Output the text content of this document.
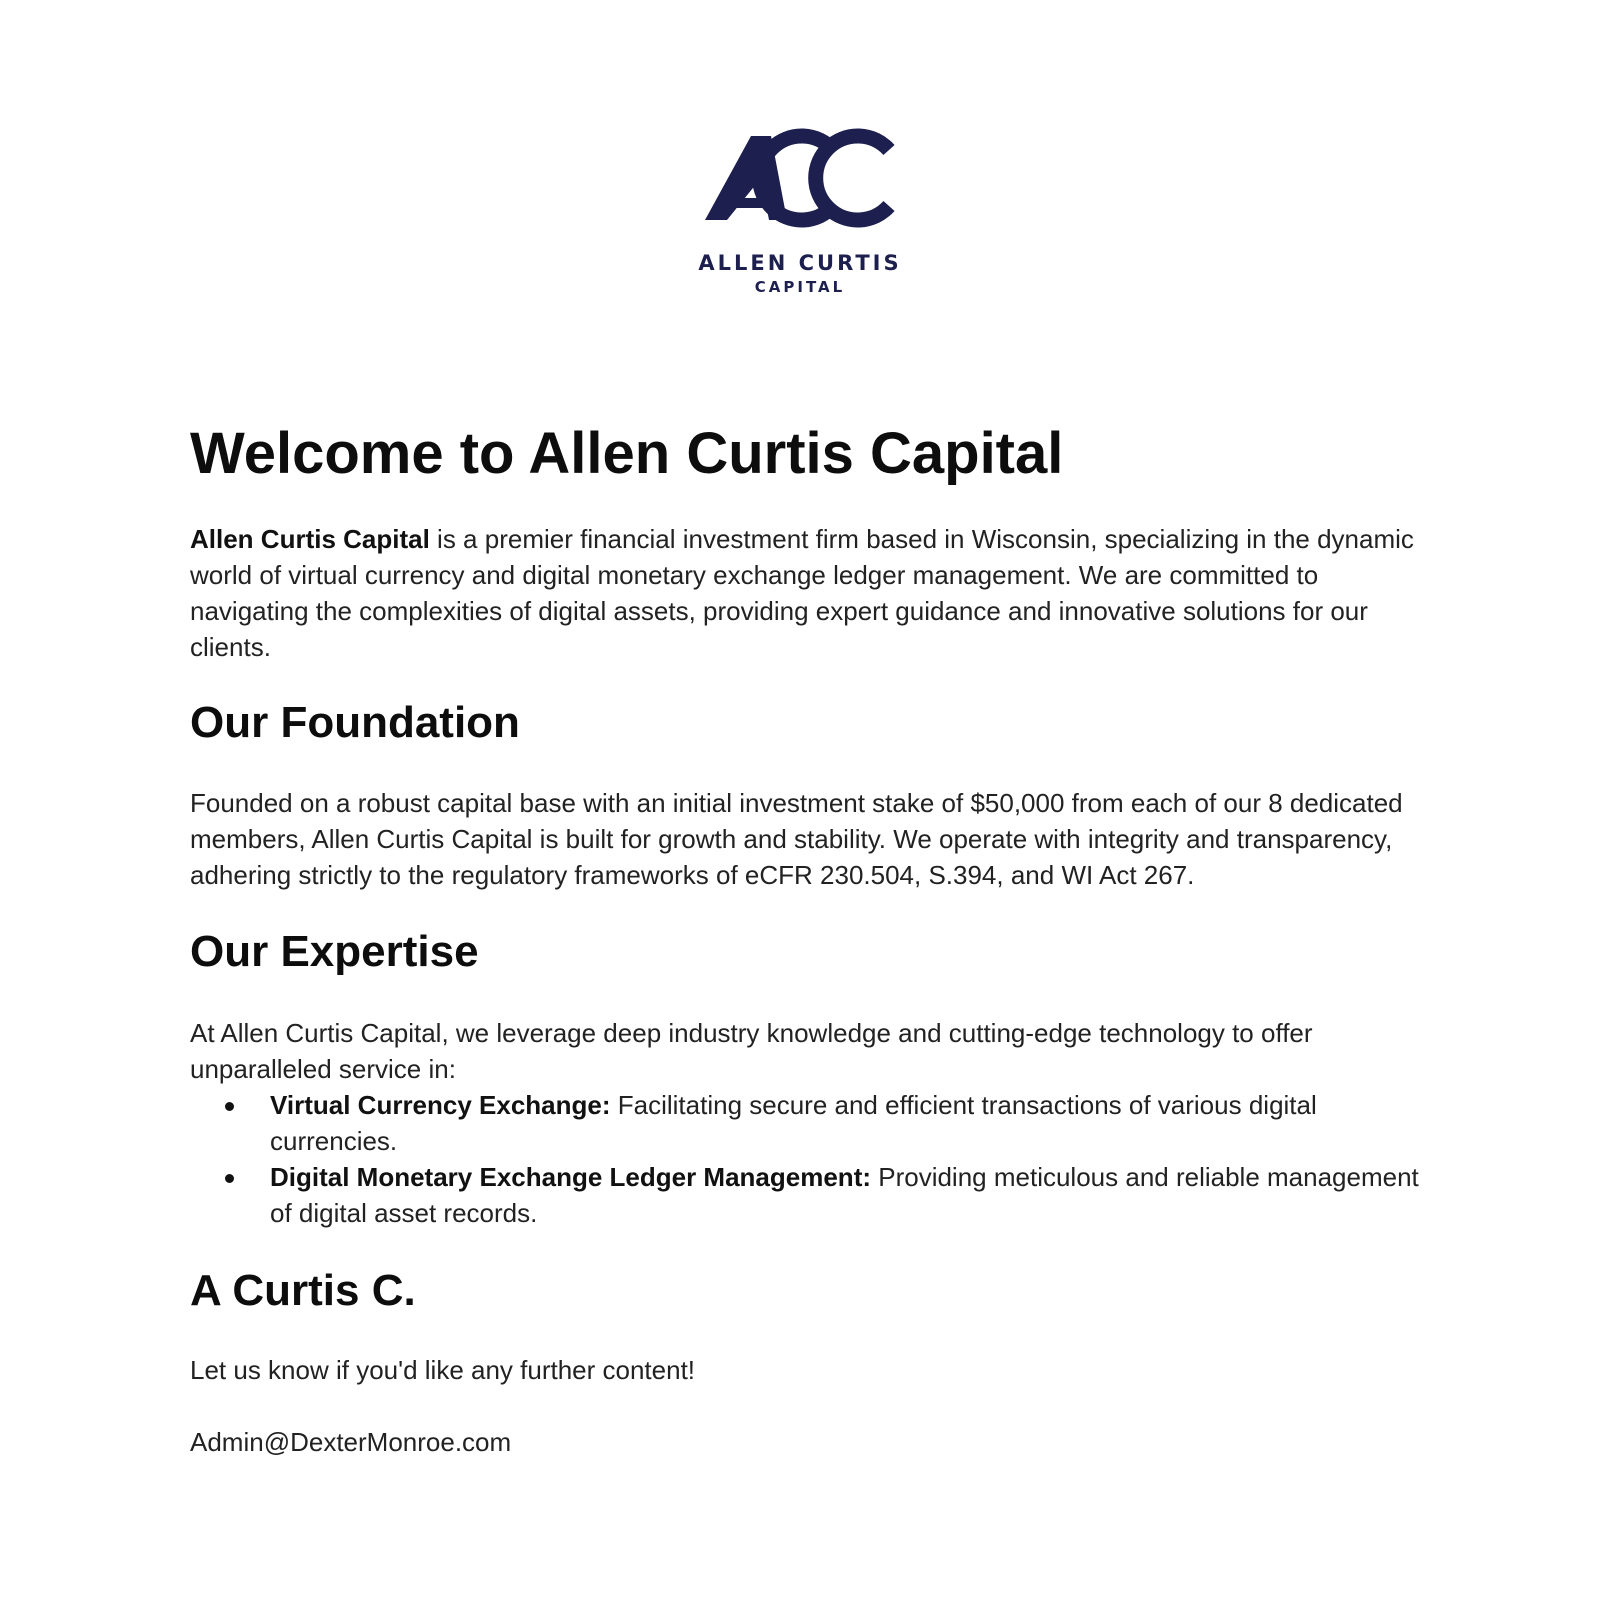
ALLEN CURTIS
CAPITAL
Welcome to Allen Curtis Capital

Allen Curtis Capital is a premier financial investment firm based in Wisconsin, specializing in the dynamic world of virtual currency and digital monetary exchange ledger management. We are committed to navigating the complexities of digital assets, providing expert guidance and innovative solutions for our clients.

Our Foundation

Founded on a robust capital base with an initial investment stake of $50,000 from each of our 8 dedicated members, Allen Curtis Capital is built for growth and stability. We operate with integrity and transparency, adhering strictly to the regulatory frameworks of eCFR 230.504, S.394, and WI Act 267.

Our Expertise

At Allen Curtis Capital, we leverage deep industry knowledge and cutting-edge technology to offer unparalleled service in:

Virtual Currency Exchange: Facilitating secure and efficient transactions of various digital currencies.
Digital Monetary Exchange Ledger Management: Providing meticulous and reliable management of digital asset records.
A Curtis C.

Let us know if you'd like any further content!

Admin@DexterMonroe.com
